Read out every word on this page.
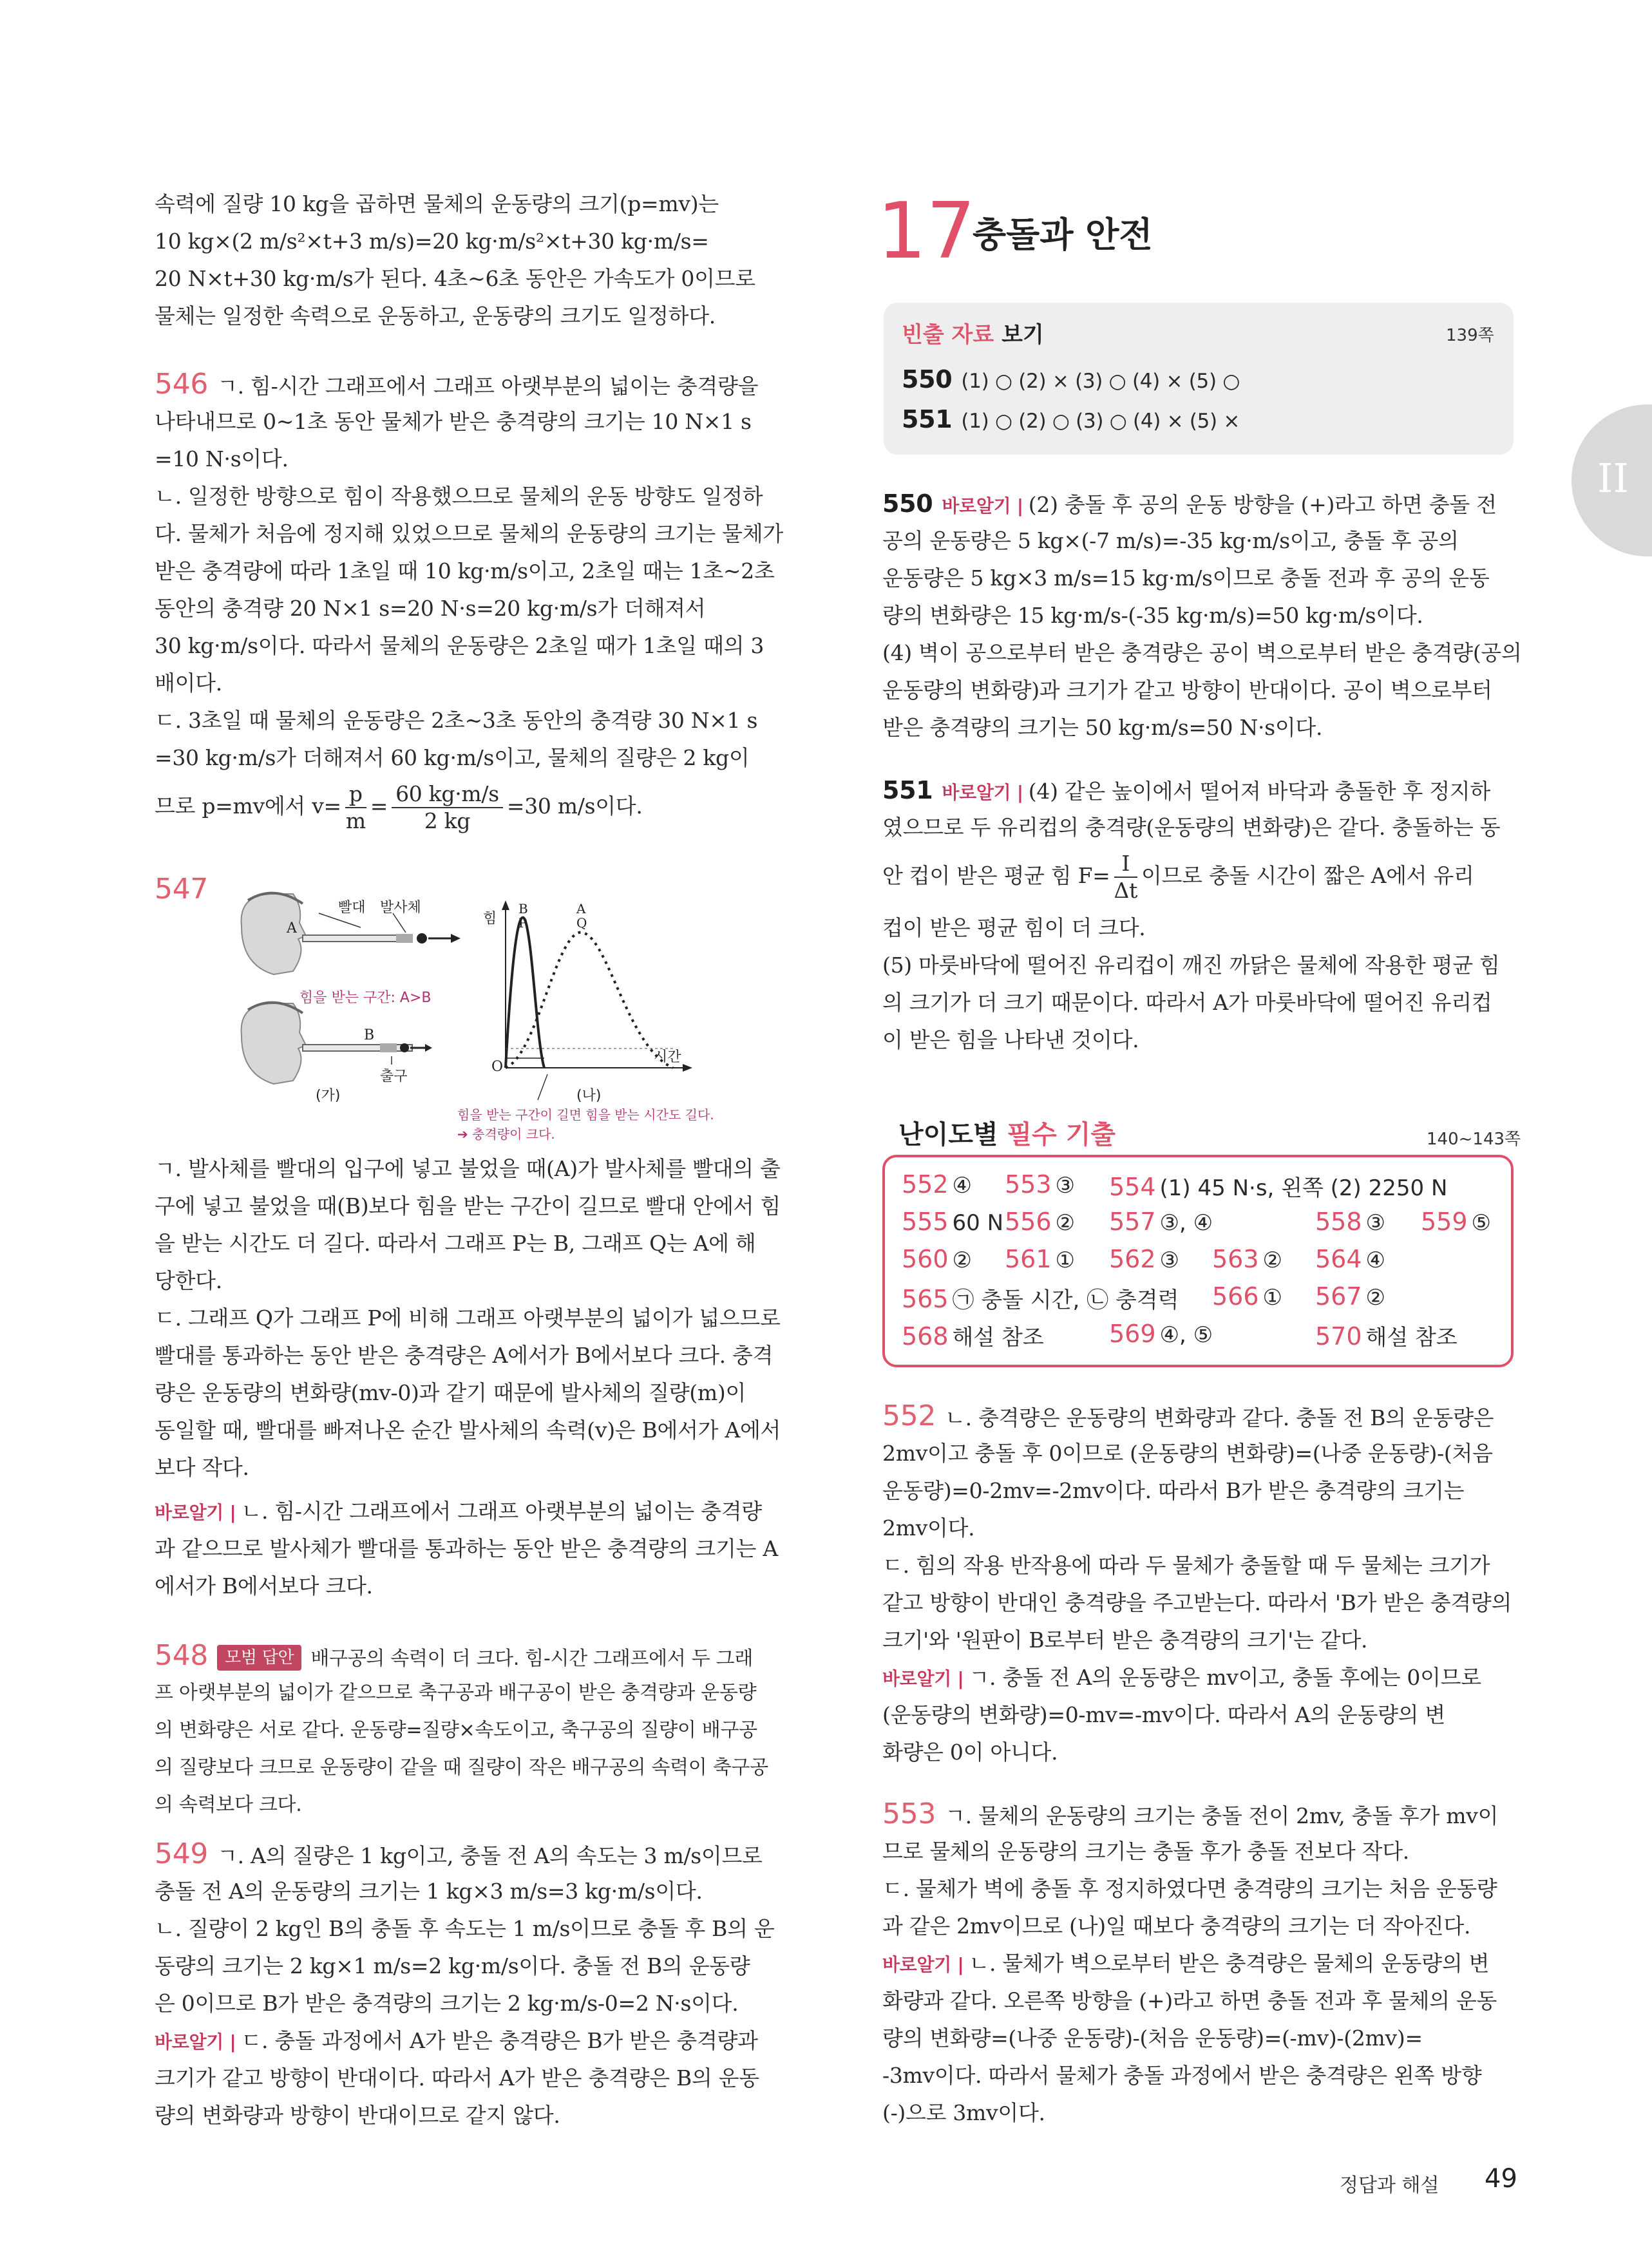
속력에 질량 10 kg을 곱하면 물체의 운동량의 크기(p=mv)는
10 kg×(2 m/s²×t+3 m/s)=20 kg·m/s²×t+30 kg·m/s=
20 N×t+30 kg·m/s가 된다. 4초~6초 동안은 가속도가 0이므로
물체는 일정한 속력으로 운동하고, 운동량의 크기도 일정하다.
546 ㄱ. 힘-시간 그래프에서 그래프 아랫부분의 넓이는 충격량을
나타내므로 0~1초 동안 물체가 받은 충격량의 크기는 10 N×1 s
=10 N·s이다.
ㄴ. 일정한 방향으로 힘이 작용했으므로 물체의 운동 방향도 일정하
다. 물체가 처음에 정지해 있었으므로 물체의 운동량의 크기는 물체가
받은 충격량에 따라 1초일 때 10 kg·m/s이고, 2초일 때는 1초~2초
동안의 충격량 20 N×1 s=20 N·s=20 kg·m/s가 더해져서
30 kg·m/s이다. 따라서 물체의 운동량은 2초일 때가 1초일 때의 3
배이다.
ㄷ. 3초일 때 물체의 운동량은 2초~3초 동안의 충격량 30 N×1 s
=30 kg·m/s가 더해져서 60 kg·m/s이고, 물체의 질량은 2 kg이
므로 p=mv에서 $v= \frac{p}{m} = \frac{60 kg\cdot m/s}{2 kg} =30$ m/s이다.
547
빨대 발사체
A
힘을 받는 구간: A>B
B
출구
(가)
힘
시간
O
B
P
A
Q
(나)
힘을 받는 구간이 길면 힘을 받는 시간도 길다.
➔ 충격량이 크다.
ㄱ. 발사체를 빨대의 입구에 넣고 불었을 때(A)가 발사체를 빨대의 출
구에 넣고 불었을 때(B)보다 힘을 받는 구간이 길므로 빨대 안에서 힘
을 받는 시간도 더 길다. 따라서 그래프 P는 B, 그래프 Q는 A에 해
당한다.
ㄷ. 그래프 Q가 그래프 P에 비해 그래프 아랫부분의 넓이가 넓으므로
빨대를 통과하는 동안 받은 충격량은 A에서가 B에서보다 크다. 충격
량은 운동량의 변화량(mv-0)과 같기 때문에 발사체의 질량(m)이
동일할 때, 빨대를 빠져나온 순간 발사체의 속력(v)은 B에서가 A에서
보다 작다.
바로알기 | ㄴ. 힘-시간 그래프에서 그래프 아랫부분의 넓이는 충격량
과 같으므로 발사체가 빨대를 통과하는 동안 받은 충격량의 크기는 A
에서가 B에서보다 크다.
548 모범 답안 배구공의 속력이 더 크다. 힘-시간 그래프에서 두 그래
프 아랫부분의 넓이가 같으므로 축구공과 배구공이 받은 충격량과 운동량
의 변화량은 서로 같다. 운동량=질량×속도이고, 축구공의 질량이 배구공
의 질량보다 크므로 운동량이 같을 때 질량이 작은 배구공의 속력이 축구공
의 속력보다 크다.
549 ㄱ. A의 질량은 1 kg이고, 충돌 전 A의 속도는 3 m/s이므로
충돌 전 A의 운동량의 크기는 1 kg×3 m/s=3 kg·m/s이다.
ㄴ. 질량이 2 kg인 B의 충돌 후 속도는 1 m/s이므로 충돌 후 B의 운
동량의 크기는 2 kg×1 m/s=2 kg·m/s이다. 충돌 전 B의 운동량
은 0이므로 B가 받은 충격량의 크기는 2 kg·m/s-0=2 N·s이다.
바로알기 | ㄷ. 충돌 과정에서 A가 받은 충격량은 B가 받은 충격량과
크기가 같고 방향이 반대이다. 따라서 A가 받은 충격량은 B의 운동
량의 변화량과 방향이 반대이므로 같지 않다.
17
충돌과 안전
빈출 자료 보기	139쪽
550 (1) ○ (2) × (3) ○ (4) × (5) ○
551 (1) ○ (2) ○ (3) ○ (4) × (5) ×
550 바로알기 | (2) 충돌 후 공의 운동 방향을 (+)라고 하면 충돌 전
공의 운동량은 5 kg×(-7 m/s)=-35 kg·m/s이고, 충돌 후 공의
운동량은 5 kg×3 m/s=15 kg·m/s이므로 충돌 전과 후 공의 운동
량의 변화량은 15 kg·m/s-(-35 kg·m/s)=50 kg·m/s이다.
(4) 벽이 공으로부터 받은 충격량은 공이 벽으로부터 받은 충격량(공의
운동량의 변화량)과 크기가 같고 방향이 반대이다. 공이 벽으로부터
받은 충격량의 크기는 50 kg·m/s=50 N·s이다.
551 바로알기 | (4) 같은 높이에서 떨어져 바닥과 충돌한 후 정지하
였으므로 두 유리컵의 충격량(운동량의 변화량)은 같다. 충돌하는 동
안 컵이 받은 평균 힘 $F= \frac{I}{\Delta t}$ 이므로 충돌 시간이 짧은 A에서 유리
컵이 받은 평균 힘이 더 크다.
(5) 마룻바닥에 떨어진 유리컵이 깨진 까닭은 물체에 작용한 평균 힘
의 크기가 더 크기 때문이다. 따라서 A가 마룻바닥에 떨어진 유리컵
이 받은 힘을 나타낸 것이다.
난이도별 필수 기출	140~143쪽
552 ④ 553 ③ 554 (1) 45 N·s, 왼쪽 (2) 2250 N
555 60 N 556 ② 557 ③, ④	558 ③ 559 ⑤
560 ② 561 ① 562 ③ 563 ② 564 ④
565 ㉠ 충돌 시간, ㉡ 충격력 566 ① 567 ②
568 해설 참조	569 ④, ⑤	570 해설 참조
552 ㄴ. 충격량은 운동량의 변화량과 같다. 충돌 전 B의 운동량은
2mv이고 충돌 후 0이므로 (운동량의 변화량)=(나중 운동량)-(처음
운동량)=0-2mv=-2mv이다. 따라서 B가 받은 충격량의 크기는
2mv이다.
ㄷ. 힘의 작용 반작용에 따라 두 물체가 충돌할 때 두 물체는 크기가
같고 방향이 반대인 충격량을 주고받는다. 따라서 'B가 받은 충격량의
크기'와 '원판이 B로부터 받은 충격량의 크기'는 같다.
바로알기 | ㄱ. 충돌 전 A의 운동량은 mv이고, 충돌 후에는 0이므로
(운동량의 변화량)=0-mv=-mv이다. 따라서 A의 운동량의 변
화량은 0이 아니다.
553 ㄱ. 물체의 운동량의 크기는 충돌 전이 2mv, 충돌 후가 mv이
므로 물체의 운동량의 크기는 충돌 후가 충돌 전보다 작다.
ㄷ. 물체가 벽에 충돌 후 정지하였다면 충격량의 크기는 처음 운동량
과 같은 2mv이므로 (나)일 때보다 충격량의 크기는 더 작아진다.
바로알기 | ㄴ. 물체가 벽으로부터 받은 충격량은 물체의 운동량의 변
화량과 같다. 오른쪽 방향을 (+)라고 하면 충돌 전과 후 물체의 운동
량의 변화량=(나중 운동량)-(처음 운동량)=(-mv)-(2mv)=
-3mv이다. 따라서 물체가 충돌 과정에서 받은 충격량은 왼쪽 방향
(-)으로 3mv이다.
II
정답과 해설 49
